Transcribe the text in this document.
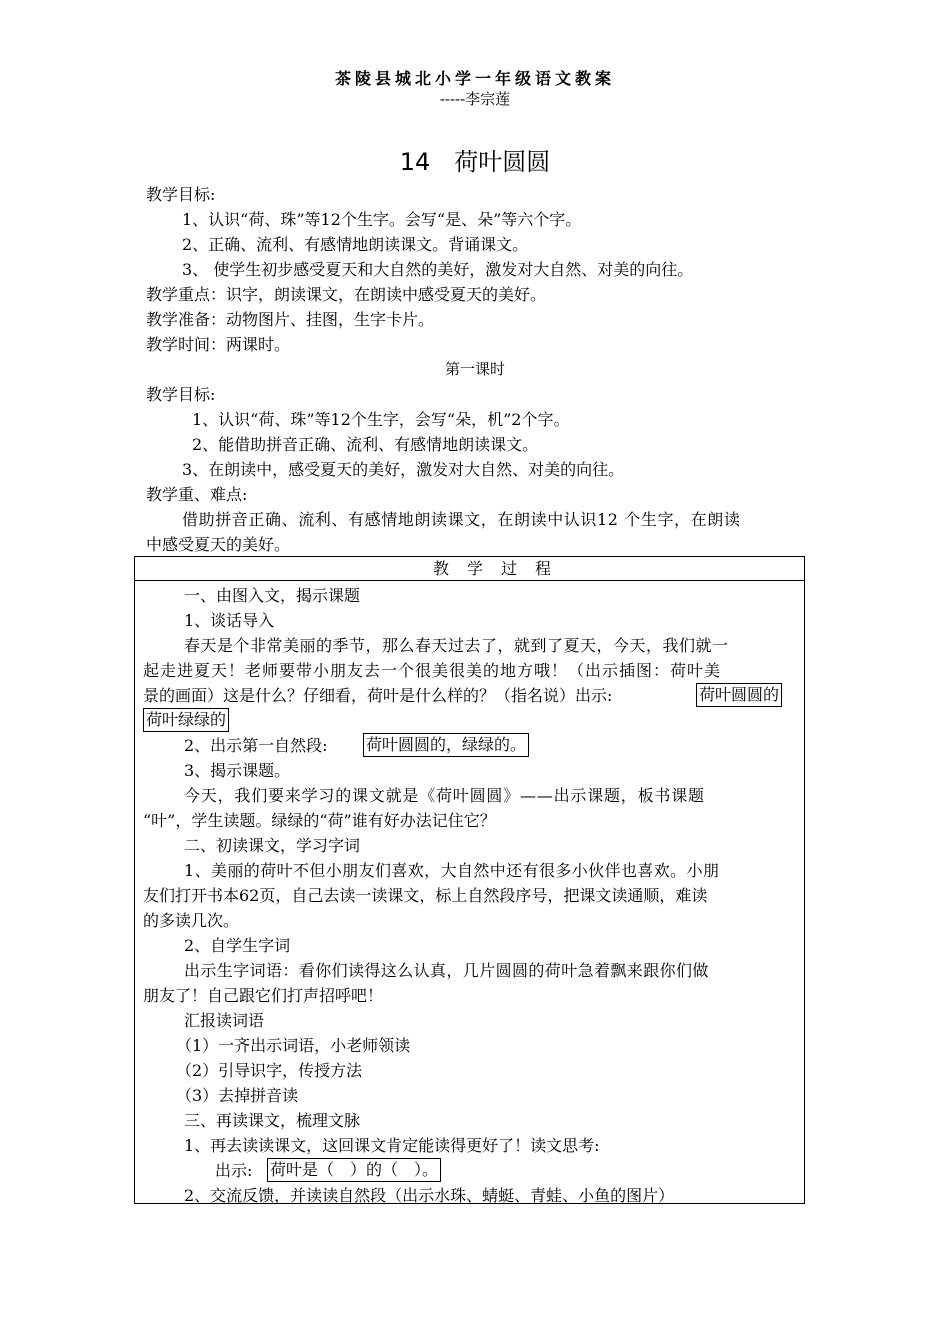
茶陵县城北小学一年级语文教案
-----李宗莲
14　荷叶圆圆
教学目标:
1、认识“荷、珠”等12个生字。会写“是、朵”等六个字。
2、正确、流利、有感情地朗读课文。背诵课文。
3、 使学生初步感受夏天和大自然的美好，激发对大自然、对美的向往。
教学重点：识字，朗读课文，在朗读中感受夏天的美好。
教学准备：动物图片、挂图，生字卡片。
教学时间：两课时。
第一课时
教学目标:
1、认识“荷、珠”等12个生字，会写“朵，机”2个字。
2、能借助拼音正确、流利、有感情地朗读课文。
3、在朗读中，感受夏天的美好，激发对大自然、对美的向往。
教学重、难点:
借助拼音正确、流利、有感情地朗读课文，在朗读中认识12 个生字，在朗读
中感受夏天的美好。
教学过程
一、由图入文，揭示课题
1、谈话导入
春天是个非常美丽的季节，那么春天过去了，就到了夏天，今天，我们就一
起走进夏天！老师要带小朋友去一个很美很美的地方哦！（出示插图：荷叶美
景的画面）这是什么？仔细看，荷叶是什么样的？（指名说）出示:	荷叶圆圆的
荷叶绿绿的
2、出示第一自然段: 荷叶圆圆的，绿绿的。
3、揭示课题。
今天，我们要来学习的课文就是《荷叶圆圆》——出示课题，板书课题
“叶”，学生读题。绿绿的“荷”谁有好办法记住它？
二、初读课文，学习字词
1、美丽的荷叶不但小朋友们喜欢，大自然中还有很多小伙伴也喜欢。小朋
友们打开书本62页，自己去读一读课文，标上自然段序号，把课文读通顺，难读
的多读几次。
2、自学生字词
出示生字词语：看你们读得这么认真，几片圆圆的荷叶急着飘来跟你们做
朋友了！自己跟它们打声招呼吧！
汇报读词语
（1）一齐出示词语，小老师领读
（2）引导识字，传授方法
（3）去掉拼音读
三、再读课文，梳理文脉
1、再去读读课文，这回课文肯定能读得更好了！读文思考:
出示: 荷叶是（　）的（　）。
2、交流反馈，并读读自然段（出示水珠、蜻蜓、青蛙、小鱼的图片）
